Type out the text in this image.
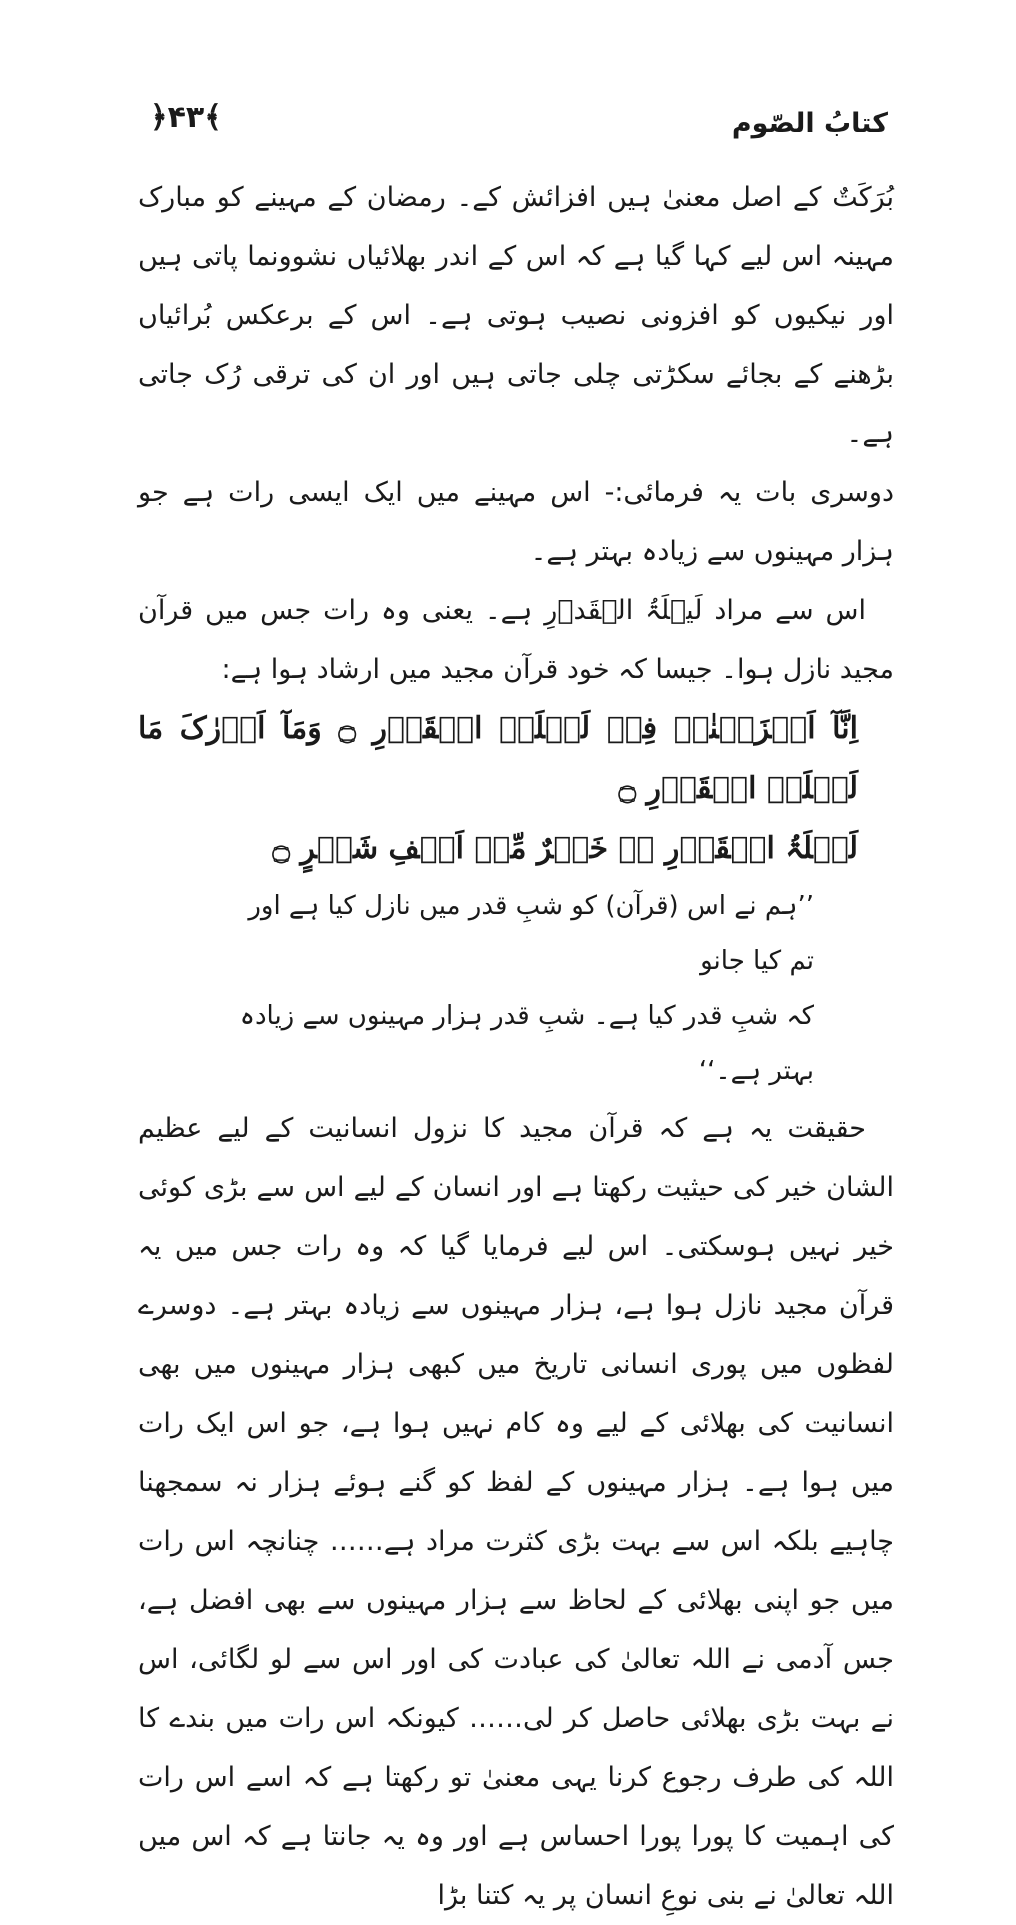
﴿۴۳﴾	کتابُ الصّوم

بُرَکَتٌ کے اصل معنیٰ ہیں افزائش کے۔ رمضان کے مہینے کو مبارک مہینہ اس لیے کہا گیا ہے کہ اس کے اندر بھلائیاں نشوونما پاتی ہیں اور نیکیوں کو افزونی نصیب ہوتی ہے۔ اس کے برعکس بُرائیاں بڑھنے کے بجائے سکڑتی چلی جاتی ہیں اور ان کی ترقی رُک جاتی ہے۔

دوسری بات یہ فرمائی:- اس مہینے میں ایک ایسی رات ہے جو ہزار مہینوں سے زیادہ بہتر ہے۔

اس سے مراد لَیۡلَۃُ الۡقَدۡرِ ہے۔ یعنی وہ رات جس میں قرآن مجید نازل ہوا۔ جیسا کہ خود قرآن مجید میں ارشاد ہوا ہے:

اِنَّآ اَنۡزَلۡنٰہُ فِیۡ لَیۡلَۃِ الۡقَدۡرِ ۝ وَمَآ اَدۡرٰکَ مَا لَیۡلَۃُ الۡقَدۡرِ ۝

لَیۡلَۃُ الۡقَدۡرِ ۬ۙ خَیۡرٌ مِّنۡ اَلۡفِ شَہۡرٍ ۝

’’ہم نے اس (قرآن) کو شبِ قدر میں نازل کیا ہے اور تم کیا جانو

کہ شبِ قدر کیا ہے۔ شبِ قدر ہزار مہینوں سے زیادہ بہتر ہے۔‘‘

حقیقت یہ ہے کہ قرآن مجید کا نزول انسانیت کے لیے عظیم الشان خیر کی حیثیت رکھتا ہے اور انسان کے لیے اس سے بڑی کوئی خیر نہیں ہوسکتی۔ اس لیے فرمایا گیا کہ وہ رات جس میں یہ قرآن مجید نازل ہوا ہے، ہزار مہینوں سے زیادہ بہتر ہے۔ دوسرے لفظوں میں پوری انسانی تاریخ میں کبھی ہزار مہینوں میں بھی انسانیت کی بھلائی کے لیے وہ کام نہیں ہوا ہے، جو اس ایک رات میں ہوا ہے۔ ہزار مہینوں کے لفظ کو گنے ہوئے ہزار نہ سمجھنا چاہیے بلکہ اس سے بہت بڑی کثرت مراد ہے…… چنانچہ اس رات میں جو اپنی بھلائی کے لحاظ سے ہزار مہینوں سے بھی افضل ہے، جس آدمی نے اللہ تعالیٰ کی عبادت کی اور اس سے لو لگائی، اس نے بہت بڑی بھلائی حاصل کر لی…… کیونکہ اس رات میں بندے کا اللہ کی طرف رجوع کرنا یہی معنیٰ تو رکھتا ہے کہ اسے اس رات کی اہمیت کا پورا پورا احساس ہے اور وہ یہ جانتا ہے کہ اس میں اللہ تعالیٰ نے بنی نوعِ انسان پر یہ کتنا بڑا
